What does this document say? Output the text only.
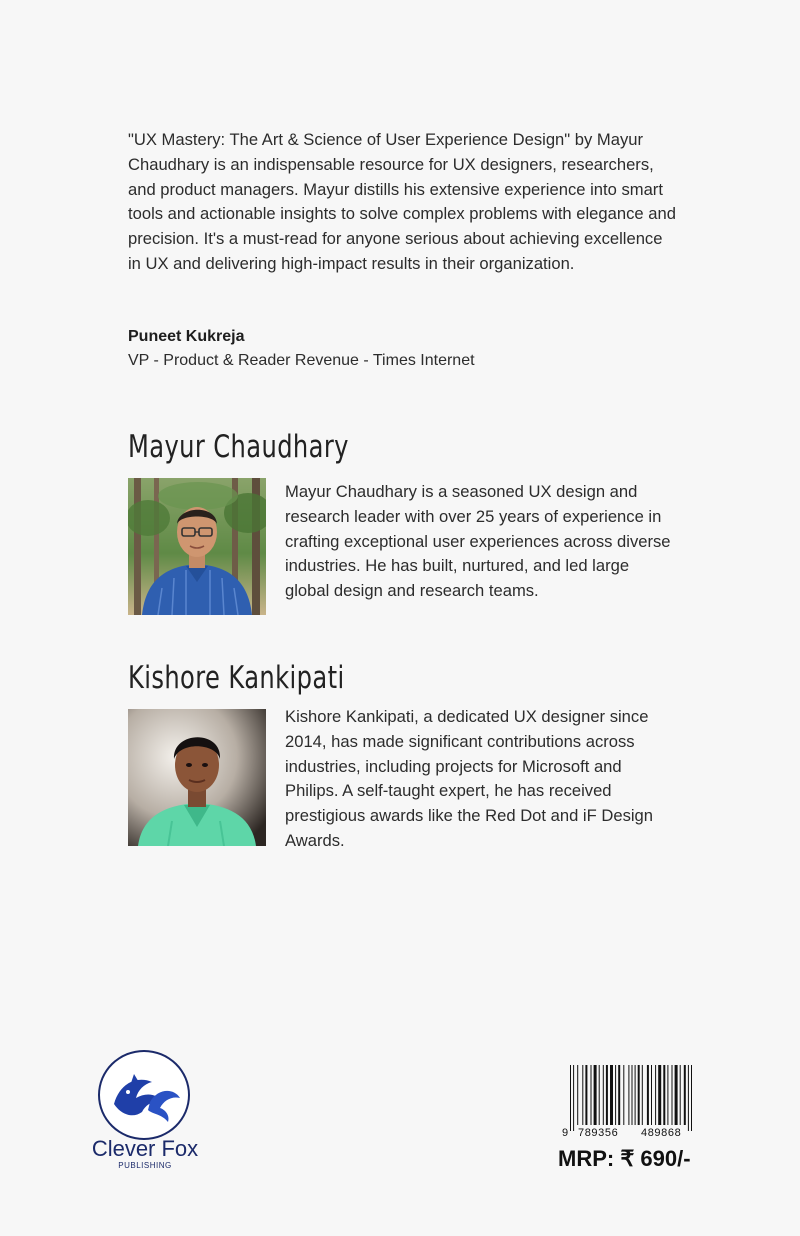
"UX Mastery: The Art & Science of User Experience Design" by Mayur Chaudhary is an indispensable resource for UX designers, researchers, and product managers. Mayur distills his extensive experience into smart tools and actionable insights to solve complex problems with elegance and precision. It's a must-read for anyone serious about achieving excellence in UX and delivering high-impact results in their organization.

Puneet Kukreja
VP - Product & Reader Revenue - Times Internet
Mayur Chaudhary

Mayur Chaudhary is a seasoned UX design and research leader with over 25 years of experience in crafting exceptional user experiences across diverse industries. He has built, nurtured, and led large global design and research teams.

Kishore Kankipati

Kishore Kankipati, a dedicated UX designer since 2014, has made significant contributions across industries, including projects for Microsoft and Philips. A self-taught expert, he has received prestigious awards like the Red Dot and iF Design Awards.

Clever Fox
PUBLISHING
9 789356 489868
MRP: ₹ 690/-
